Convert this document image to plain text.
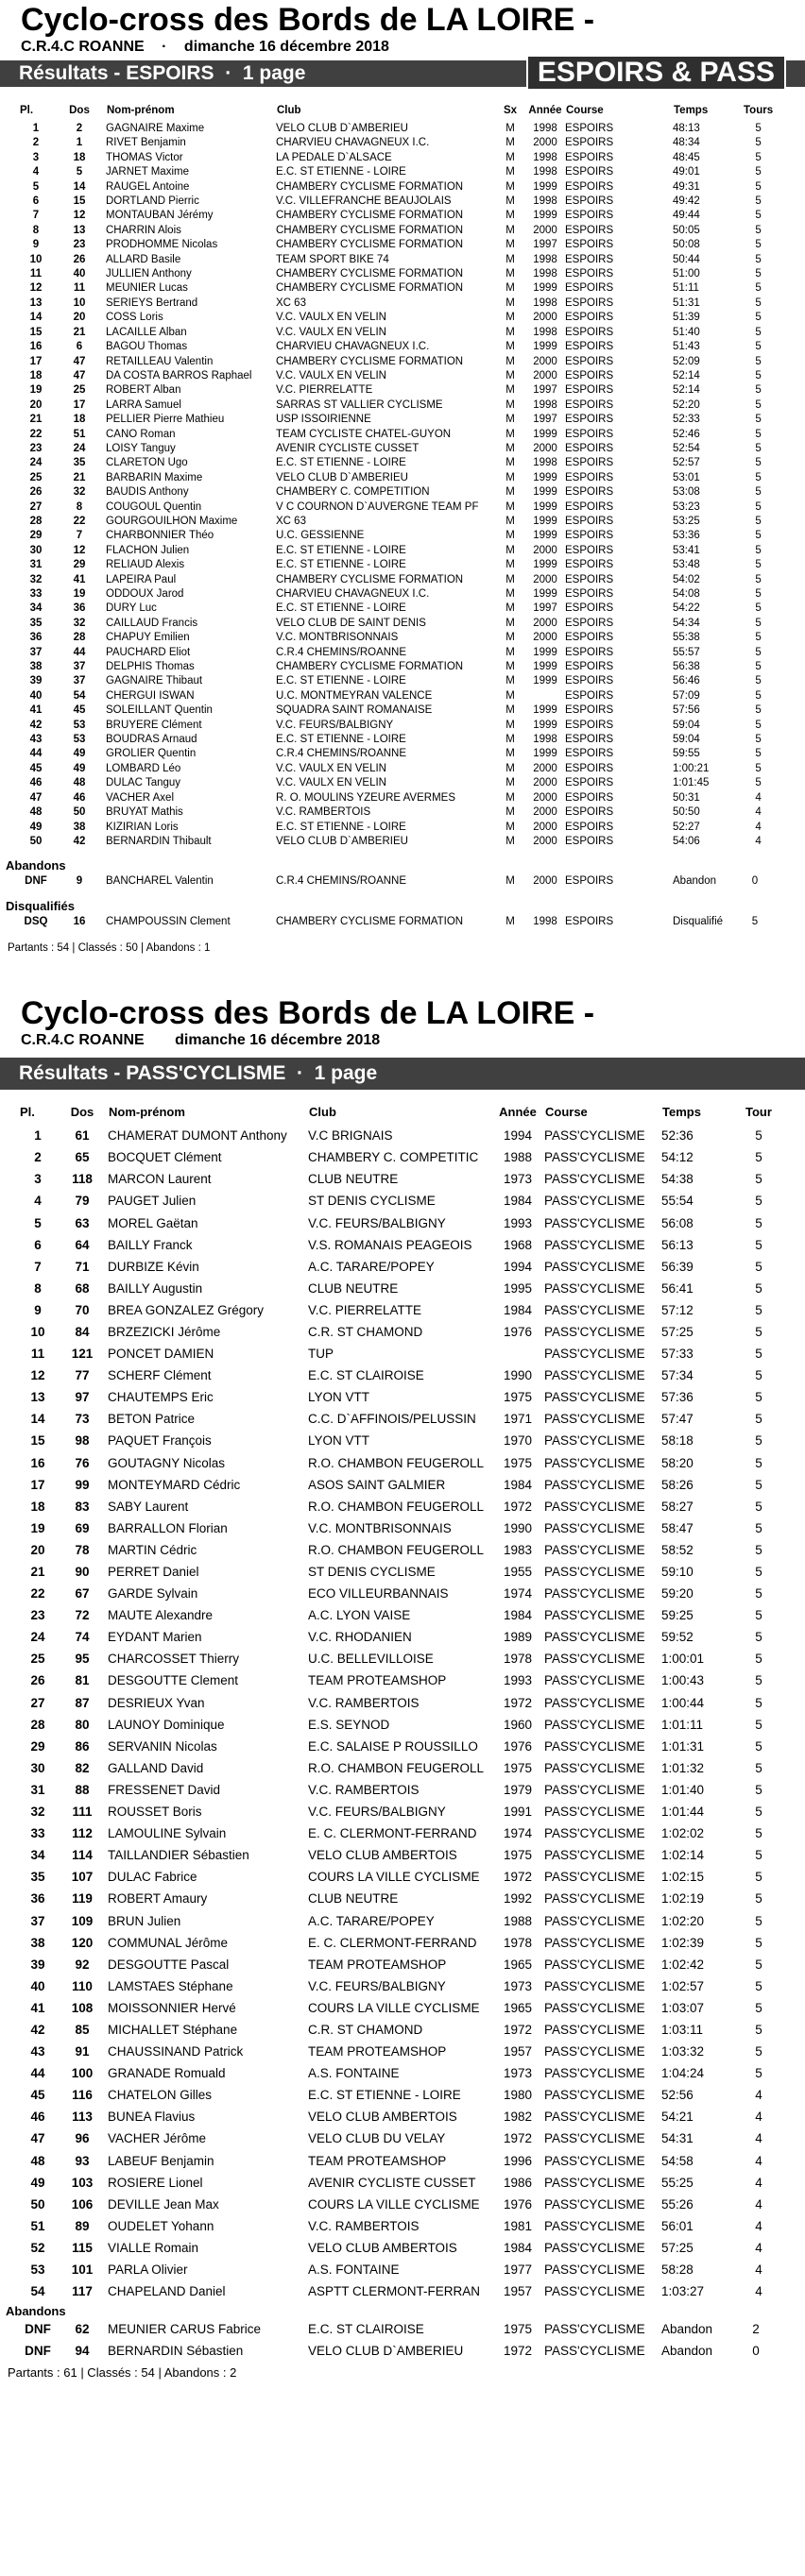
Cyclo-cross des Bords de LA LOIRE -
C.R.4.C ROANNE · dimanche 16 décembre 2018
Résultats - ESPOIRS  ·  1 page	ESPOIRS & PASS
Pl.	Dos	Nom-prénom	Club	Sx	Année	Course	Temps	Tours
1	2	GAGNAIRE Maxime	VELO CLUB D`AMBERIEU	M	1998	ESPOIRS	48:13	5
2	1	RIVET Benjamin	CHARVIEU CHAVAGNEUX I.C.	M	2000	ESPOIRS	48:34	5
3	18	THOMAS Victor	LA PEDALE D`ALSACE	M	1998	ESPOIRS	48:45	5
4	5	JARNET Maxime	E.C. ST ETIENNE - LOIRE	M	1998	ESPOIRS	49:01	5
5	14	RAUGEL Antoine	CHAMBERY CYCLISME FORMATION	M	1999	ESPOIRS	49:31	5
6	15	DORTLAND Pierric	V.C. VILLEFRANCHE BEAUJOLAIS	M	1998	ESPOIRS	49:42	5
7	12	MONTAUBAN Jérémy	CHAMBERY CYCLISME FORMATION	M	1999	ESPOIRS	49:44	5
8	13	CHARRIN Alois	CHAMBERY CYCLISME FORMATION	M	2000	ESPOIRS	50:05	5
9	23	PRODHOMME Nicolas	CHAMBERY CYCLISME FORMATION	M	1997	ESPOIRS	50:08	5
10	26	ALLARD Basile	TEAM SPORT BIKE 74	M	1998	ESPOIRS	50:44	5
11	40	JULLIEN Anthony	CHAMBERY CYCLISME FORMATION	M	1998	ESPOIRS	51:00	5
12	11	MEUNIER Lucas	CHAMBERY CYCLISME FORMATION	M	1999	ESPOIRS	51:11	5
13	10	SERIEYS Bertrand	XC 63	M	1998	ESPOIRS	51:31	5
14	20	COSS Loris	V.C. VAULX EN VELIN	M	2000	ESPOIRS	51:39	5
15	21	LACAILLE Alban	V.C. VAULX EN VELIN	M	1998	ESPOIRS	51:40	5
16	6	BAGOU Thomas	CHARVIEU CHAVAGNEUX I.C.	M	1999	ESPOIRS	51:43	5
17	47	RETAILLEAU Valentin	CHAMBERY CYCLISME FORMATION	M	2000	ESPOIRS	52:09	5
18	47	DA COSTA BARROS Raphael	V.C. VAULX EN VELIN	M	2000	ESPOIRS	52:14	5
19	25	ROBERT Alban	V.C. PIERRELATTE	M	1997	ESPOIRS	52:14	5
20	17	LARRA Samuel	SARRAS ST VALLIER CYCLISME	M	1998	ESPOIRS	52:20	5
21	18	PELLIER Pierre Mathieu	USP ISSOIRIENNE	M	1997	ESPOIRS	52:33	5
22	51	CANO Roman	TEAM CYCLISTE CHATEL-GUYON	M	1999	ESPOIRS	52:46	5
23	24	LOISY Tanguy	AVENIR CYCLISTE CUSSET	M	2000	ESPOIRS	52:54	5
24	35	CLARETON Ugo	E.C. ST ETIENNE - LOIRE	M	1998	ESPOIRS	52:57	5
25	21	BARBARIN Maxime	VELO CLUB D`AMBERIEU	M	1999	ESPOIRS	53:01	5
26	32	BAUDIS Anthony	CHAMBERY C. COMPETITION	M	1999	ESPOIRS	53:08	5
27	8	COUGOUL Quentin	V C COURNON D`AUVERGNE TEAM PF	M	1999	ESPOIRS	53:23	5
28	22	GOURGOUILHON Maxime	XC 63	M	1999	ESPOIRS	53:25	5
29	7	CHARBONNIER Théo	U.C. GESSIENNE	M	1999	ESPOIRS	53:36	5
30	12	FLACHON Julien	E.C. ST ETIENNE - LOIRE	M	2000	ESPOIRS	53:41	5
31	29	RELIAUD Alexis	E.C. ST ETIENNE - LOIRE	M	1999	ESPOIRS	53:48	5
32	41	LAPEIRA Paul	CHAMBERY CYCLISME FORMATION	M	2000	ESPOIRS	54:02	5
33	19	ODDOUX Jarod	CHARVIEU CHAVAGNEUX I.C.	M	1999	ESPOIRS	54:08	5
34	36	DURY Luc	E.C. ST ETIENNE - LOIRE	M	1997	ESPOIRS	54:22	5
35	32	CAILLAUD Francis	VELO CLUB DE SAINT DENIS	M	2000	ESPOIRS	54:34	5
36	28	CHAPUY Emilien	V.C. MONTBRISONNAIS	M	2000	ESPOIRS	55:38	5
37	44	PAUCHARD Eliot	C.R.4 CHEMINS/ROANNE	M	1999	ESPOIRS	55:57	5
38	37	DELPHIS Thomas	CHAMBERY CYCLISME FORMATION	M	1999	ESPOIRS	56:38	5
39	37	GAGNAIRE Thibaut	E.C. ST ETIENNE - LOIRE	M	1999	ESPOIRS	56:46	5
40	54	CHERGUI ISWAN	U.C. MONTMEYRAN VALENCE	M		ESPOIRS	57:09	5
41	45	SOLEILLANT Quentin	SQUADRA SAINT ROMANAISE	M	1999	ESPOIRS	57:56	5
42	53	BRUYERE Clément	V.C. FEURS/BALBIGNY	M	1999	ESPOIRS	59:04	5
43	53	BOUDRAS Arnaud	E.C. ST ETIENNE - LOIRE	M	1998	ESPOIRS	59:04	5
44	49	GROLIER Quentin	C.R.4 CHEMINS/ROANNE	M	1999	ESPOIRS	59:55	5
45	49	LOMBARD Léo	V.C. VAULX EN VELIN	M	2000	ESPOIRS	1:00:21	5
46	48	DULAC Tanguy	V.C. VAULX EN VELIN	M	2000	ESPOIRS	1:01:45	5
47	46	VACHER Axel	R. O. MOULINS YZEURE AVERMES	M	2000	ESPOIRS	50:31	4
48	50	BRUYAT Mathis	V.C. RAMBERTOIS	M	2000	ESPOIRS	50:50	4
49	38	KIZIRIAN Loris	E.C. ST ETIENNE - LOIRE	M	2000	ESPOIRS	52:27	4
50	42	BERNARDIN Thibault	VELO CLUB D`AMBERIEU	M	2000	ESPOIRS	54:06	4
Abandons
DNF	9	BANCHAREL Valentin	C.R.4 CHEMINS/ROANNE	M	2000	ESPOIRS	Abandon	0
Disqualifiés
DSQ	16	CHAMPOUSSIN Clement	CHAMBERY CYCLISME FORMATION	M	1998	ESPOIRS	Disqualifié	5
Partants : 54 | Classés : 50 | Abandons : 1
Cyclo-cross des Bords de LA LOIRE -
C.R.4.C ROANNE dimanche 16 décembre 2018
Résultats - PASS'CYCLISME  ·  1 page
Pl.	Dos	Nom-prénom	Club	Année	Course	Temps	Tour
1	61	CHAMERAT DUMONT Anthony	V.C BRIGNAIS	1994	PASS'CYCLISME	52:36	5
2	65	BOCQUET Clément	CHAMBERY C. COMPETITIC	1988	PASS'CYCLISME	54:12	5
3	118	MARCON Laurent	CLUB NEUTRE	1973	PASS'CYCLISME	54:38	5
4	79	PAUGET Julien	ST DENIS CYCLISME	1984	PASS'CYCLISME	55:54	5
5	63	MOREL Gaëtan	V.C. FEURS/BALBIGNY	1993	PASS'CYCLISME	56:08	5
6	64	BAILLY Franck	V.S. ROMANAIS PEAGEOIS	1968	PASS'CYCLISME	56:13	5
7	71	DURBIZE Kévin	A.C. TARARE/POPEY	1994	PASS'CYCLISME	56:39	5
8	68	BAILLY Augustin	CLUB NEUTRE	1995	PASS'CYCLISME	56:41	5
9	70	BREA GONZALEZ Grégory	V.C. PIERRELATTE	1984	PASS'CYCLISME	57:12	5
10	84	BRZEZICKI Jérôme	C.R. ST CHAMOND	1976	PASS'CYCLISME	57:25	5
11	121	PONCET DAMIEN	TUP		PASS'CYCLISME	57:33	5
12	77	SCHERF Clément	E.C. ST CLAIROISE	1990	PASS'CYCLISME	57:34	5
13	97	CHAUTEMPS Eric	LYON VTT	1975	PASS'CYCLISME	57:36	5
14	73	BETON Patrice	C.C. D`AFFINOIS/PELUSSIN	1971	PASS'CYCLISME	57:47	5
15	98	PAQUET François	LYON VTT	1970	PASS'CYCLISME	58:18	5
16	76	GOUTAGNY Nicolas	R.O. CHAMBON FEUGEROLL	1975	PASS'CYCLISME	58:20	5
17	99	MONTEYMARD Cédric	ASOS SAINT GALMIER	1984	PASS'CYCLISME	58:26	5
18	83	SABY Laurent	R.O. CHAMBON FEUGEROLL	1972	PASS'CYCLISME	58:27	5
19	69	BARRALLON Florian	V.C. MONTBRISONNAIS	1990	PASS'CYCLISME	58:47	5
20	78	MARTIN Cédric	R.O. CHAMBON FEUGEROLL	1983	PASS'CYCLISME	58:52	5
21	90	PERRET Daniel	ST DENIS CYCLISME	1955	PASS'CYCLISME	59:10	5
22	67	GARDE Sylvain	ECO VILLEURBANNAIS	1974	PASS'CYCLISME	59:20	5
23	72	MAUTE Alexandre	A.C. LYON VAISE	1984	PASS'CYCLISME	59:25	5
24	74	EYDANT Marien	V.C. RHODANIEN	1989	PASS'CYCLISME	59:52	5
25	95	CHARCOSSET Thierry	U.C. BELLEVILLOISE	1978	PASS'CYCLISME	1:00:01	5
26	81	DESGOUTTE Clement	TEAM PROTEAMSHOP	1993	PASS'CYCLISME	1:00:43	5
27	87	DESRIEUX Yvan	V.C. RAMBERTOIS	1972	PASS'CYCLISME	1:00:44	5
28	80	LAUNOY Dominique	E.S. SEYNOD	1960	PASS'CYCLISME	1:01:11	5
29	86	SERVANIN Nicolas	E.C. SALAISE P ROUSSILLO	1976	PASS'CYCLISME	1:01:31	5
30	82	GALLAND David	R.O. CHAMBON FEUGEROLL	1975	PASS'CYCLISME	1:01:32	5
31	88	FRESSENET David	V.C. RAMBERTOIS	1979	PASS'CYCLISME	1:01:40	5
32	111	ROUSSET Boris	V.C. FEURS/BALBIGNY	1991	PASS'CYCLISME	1:01:44	5
33	112	LAMOULINE Sylvain	E. C. CLERMONT-FERRAND	1974	PASS'CYCLISME	1:02:02	5
34	114	TAILLANDIER Sébastien	VELO CLUB AMBERTOIS	1975	PASS'CYCLISME	1:02:14	5
35	107	DULAC Fabrice	COURS LA VILLE CYCLISME	1972	PASS'CYCLISME	1:02:15	5
36	119	ROBERT Amaury	CLUB NEUTRE	1992	PASS'CYCLISME	1:02:19	5
37	109	BRUN Julien	A.C. TARARE/POPEY	1988	PASS'CYCLISME	1:02:20	5
38	120	COMMUNAL Jérôme	E. C. CLERMONT-FERRAND	1978	PASS'CYCLISME	1:02:39	5
39	92	DESGOUTTE Pascal	TEAM PROTEAMSHOP	1965	PASS'CYCLISME	1:02:42	5
40	110	LAMSTAES Stéphane	V.C. FEURS/BALBIGNY	1973	PASS'CYCLISME	1:02:57	5
41	108	MOISSONNIER Hervé	COURS LA VILLE CYCLISME	1965	PASS'CYCLISME	1:03:07	5
42	85	MICHALLET Stéphane	C.R. ST CHAMOND	1972	PASS'CYCLISME	1:03:11	5
43	91	CHAUSSINAND Patrick	TEAM PROTEAMSHOP	1957	PASS'CYCLISME	1:03:32	5
44	100	GRANADE Romuald	A.S. FONTAINE	1973	PASS'CYCLISME	1:04:24	5
45	116	CHATELON Gilles	E.C. ST ETIENNE - LOIRE	1980	PASS'CYCLISME	52:56	4
46	113	BUNEA Flavius	VELO CLUB AMBERTOIS	1982	PASS'CYCLISME	54:21	4
47	96	VACHER Jérôme	VELO CLUB DU VELAY	1972	PASS'CYCLISME	54:31	4
48	93	LABEUF Benjamin	TEAM PROTEAMSHOP	1996	PASS'CYCLISME	54:58	4
49	103	ROSIERE Lionel	AVENIR CYCLISTE CUSSET	1986	PASS'CYCLISME	55:25	4
50	106	DEVILLE Jean Max	COURS LA VILLE CYCLISME	1976	PASS'CYCLISME	55:26	4
51	89	OUDELET Yohann	V.C. RAMBERTOIS	1981	PASS'CYCLISME	56:01	4
52	115	VIALLE Romain	VELO CLUB AMBERTOIS	1984	PASS'CYCLISME	57:25	4
53	101	PARLA Olivier	A.S. FONTAINE	1977	PASS'CYCLISME	58:28	4
54	117	CHAPELAND Daniel	ASPTT CLERMONT-FERRAN	1957	PASS'CYCLISME	1:03:27	4
Abandons
DNF	62	MEUNIER CARUS Fabrice	E.C. ST CLAIROISE	1975	PASS'CYCLISME	Abandon	2
DNF	94	BERNARDIN Sébastien	VELO CLUB D`AMBERIEU	1972	PASS'CYCLISME	Abandon	0
Partants : 61 | Classés : 54 | Abandons : 2
